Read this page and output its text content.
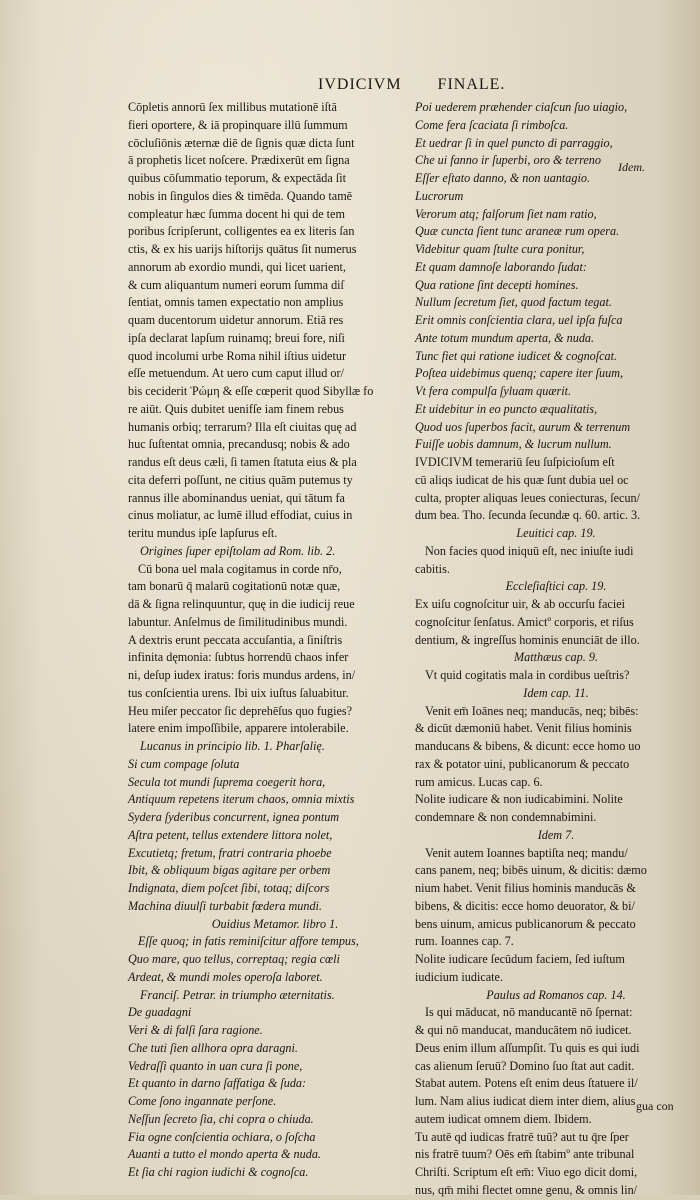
IVDICIVM FINALE.
Cōpletis annorū ſex millibus mutationē iſtā
fieri oportere, & iā propinquare illū ſummum
cōcluſiōnis æternæ diē de ſignis quæ dicta ſunt
ā prophetis licet noſcere. Prædixerūt em ſigna
quibus cōſummatio teporum, & expectāda ſit
nobis in ſingulos dies & timēda. Quando tamē
compleatur hæc ſumma docent hi qui de tem
poribus ſcripſerunt, colligentes ea ex literis ſan
ctis, & ex his uarijs hiſtorijs quātus ſit numerus
annorum ab exordio mundi, qui licet uarient,
& cum aliquantum numeri eorum ſumma diſ
ſentiat, omnis tamen expectatio non amplius
quam ducentorum uidetur annorum. Etiā res
ipſa declarat lapſum ruinamq; breui fore, niſi
quod incolumi urbe Roma nihil iſtius uidetur
eſſe metuendum. At uero cum caput illud or/
bis ceciderit Ῥώμη & eſſe cœperit quod Sibyllæ fo
re aiūt. Quis dubitet uenifſe iam finem rebus
humanis orbiq; terrarum? Illa eſt ciuitas quę ad
huc ſuſtentat omnia, precandusq; nobis & ado
randus eſt deus cæli, ſi tamen ſtatuta eius & pla
cita deferri poſſunt, ne citius quām putemus ty
rannus ille abominandus ueniat, qui tātum fa
cinus moliatur, ac lumē illud effodiat, cuius in
teritu mundus ipſe lapſurus eſt.
Origines ſuper epiſtolam ad Rom. lib. 2.
Cū bona uel mala cogitamus in corde nr̄o,
tam bonarū q̄ malarū cogitationū notæ quæ,
dā & ſigna relinquuntur, quę in die iudicij reue
labuntur. Anſelmus de ſimilitudinibus mundi.
A dextris erunt peccata accuſantia, a ſiniſtris
infinita dęmonia: ſubtus horrendū chaos infer
ni, deſup iudex iratus: foris mundus ardens, in/
tus conſcientia urens. Ibi uix iuſtus ſaluabitur.
Heu miſer peccator ſic deprehēſus quo fugies?
latere enim impoſſibile, apparere intolerabile.
Lucanus in principio lib. 1. Pharſalię.
Si cum compage ſoluta
Secula tot mundi ſuprema coegerit hora,
Antiquum repetens iterum chaos, omnia mixtis
Sydera ſyderibus concurrent, ignea pontum
Aſtra petent, tellus extendere littora nolet,
Excutietq; fretum, fratri contraria phoebe
Ibit, & obliquum bigas agitare per orbem
Indignata, diem poſcet ſibi, totaq; diſcors
Machina diuulſi turbabit fœdera mundi.
Ouidius Metamor. libro 1.
Eſſe quoq; in fatis reminiſcitur affore tempus,
Quo mare, quo tellus, correptaq; regia cœli
Ardeat, & mundi moles operoſa laboret.
Franciſ. Petrar. in triumpho æternitatis.
De guadagni
Veri & di falſi ſara ragione.
Che tuti ſien allhora opra daragni.
Vedraſſi quanto in uan cura ſi pone,
Et quanto in darno ſaffatiga & ſuda:
Come ſono ingannate perſone.
Neſſun ſecreto ſia, chi copra o chiuda.
Fia ogne conſcientia ochiara, o ſoſcha
Auanti a tutto el mondo aperta & nuda.
Et ſia chi ragion iudichi & cognoſca.
Poi uederem præhender ciaſcun ſuo uiagio,
Come fera ſcaciata ſi rimboſca.
Et uedrar ſi in quel puncto di parraggio,
Che ui fanno ir ſuperbi, oro & terreno
Eſſer eſtato danno, & non uantagio.
Lucrorum
Verorum atq; falſorum ſiet nam ratio,
Quæ cuncta ſient tunc araneæ rum opera.
Videbitur quam ſtulte cura ponitur,
Et quam damnoſe laborando ſudat:
Qua ratione ſint decepti homines.
Nullum ſecretum ſiet, quod factum tegat.
Erit omnis conſcientia clara, uel ipſa fuſca
Ante totum mundum aperta, & nuda.
Tunc fiet qui ratione iudicet & cognoſcat.
Poſtea uidebimus quenq; capere iter ſuum,
Vt fera compulſa ſyluam quærit.
Et uidebitur in eo puncto æqualitatis,
Quod uos ſuperbos facit, aurum & terrenum
Fuiſſe uobis damnum, & lucrum nullum.
IVDICIVM temerariū ſeu ſuſpicioſum eſt
cū aliqs iudicat de his quæ ſunt dubia uel oc
culta, propter aliquas leues coniecturas, ſecun/
dum bea. Tho. ſecunda ſecundæ q. 60. artic. 3.
Leuitici cap. 19.
Non facies quod iniquū eſt, nec iniuſte iudi
cabitis.
Eccleſiaſtici cap. 19.
Ex uiſu cognoſcitur uir, & ab occurſu faciei
cognoſcitur ſenſatus. Amictº corporis, et riſus
dentium, & ingreſſus hominis enunciāt de illo.
Matthæus cap. 9.
Vt quid cogitatis mala in cordibus ueſtris?
Idem cap. 11.
Venit em̄ Ioānes neq; manducās, neq; bibēs:
& dicūt dæmoniū habet. Venit filius hominis
manducans & bibens, & dicunt: ecce homo uo
rax & potator uini, publicanorum & peccato
rum amicus. Lucas cap. 6.
Nolite iudicare & non iudicabimini. Nolite
condemnare & non condemnabimini.
Idem 7.
Venit autem Ioannes baptiſta neq; mandu/
cans panem, neq; bibēs uinum, & dicitis: dæmo
nium habet. Venit filius hominis manducās &
bibens, & dicitis: ecce homo deuorator, & bi/
bens uinum, amicus publicanorum & peccato
rum. Ioannes cap. 7.
Nolite iudicare ſecūdum faciem, ſed iuſtum
iudicium iudicate.
Paulus ad Romanos cap. 14.
Is qui māducat, nō manducantē nō ſpernat:
& qui nō manducat, manducātem nō iudicet.
Deus enim illum aſſumpſit. Tu quis es qui iudi
cas alienum ſeruū? Domino ſuo ſtat aut cadit.
Stabat autem. Potens eſt enim deus ſtatuere il/
lum. Nam alius iudicat diem inter diem, alius
autem iudicat omnem diem. Ibidem.
Tu autē qd iudicas fratrē tuū? aut tu q̄re ſper
nis fratrē tuum? Oēs em̄ ſtabimº ante tribunal
Chriſti. Scriptum eſt em̄: Viuo ego dicit domi,
nus, qm̄ mihi flectet omne genu, & omnis lin/
Idem.
gua con
